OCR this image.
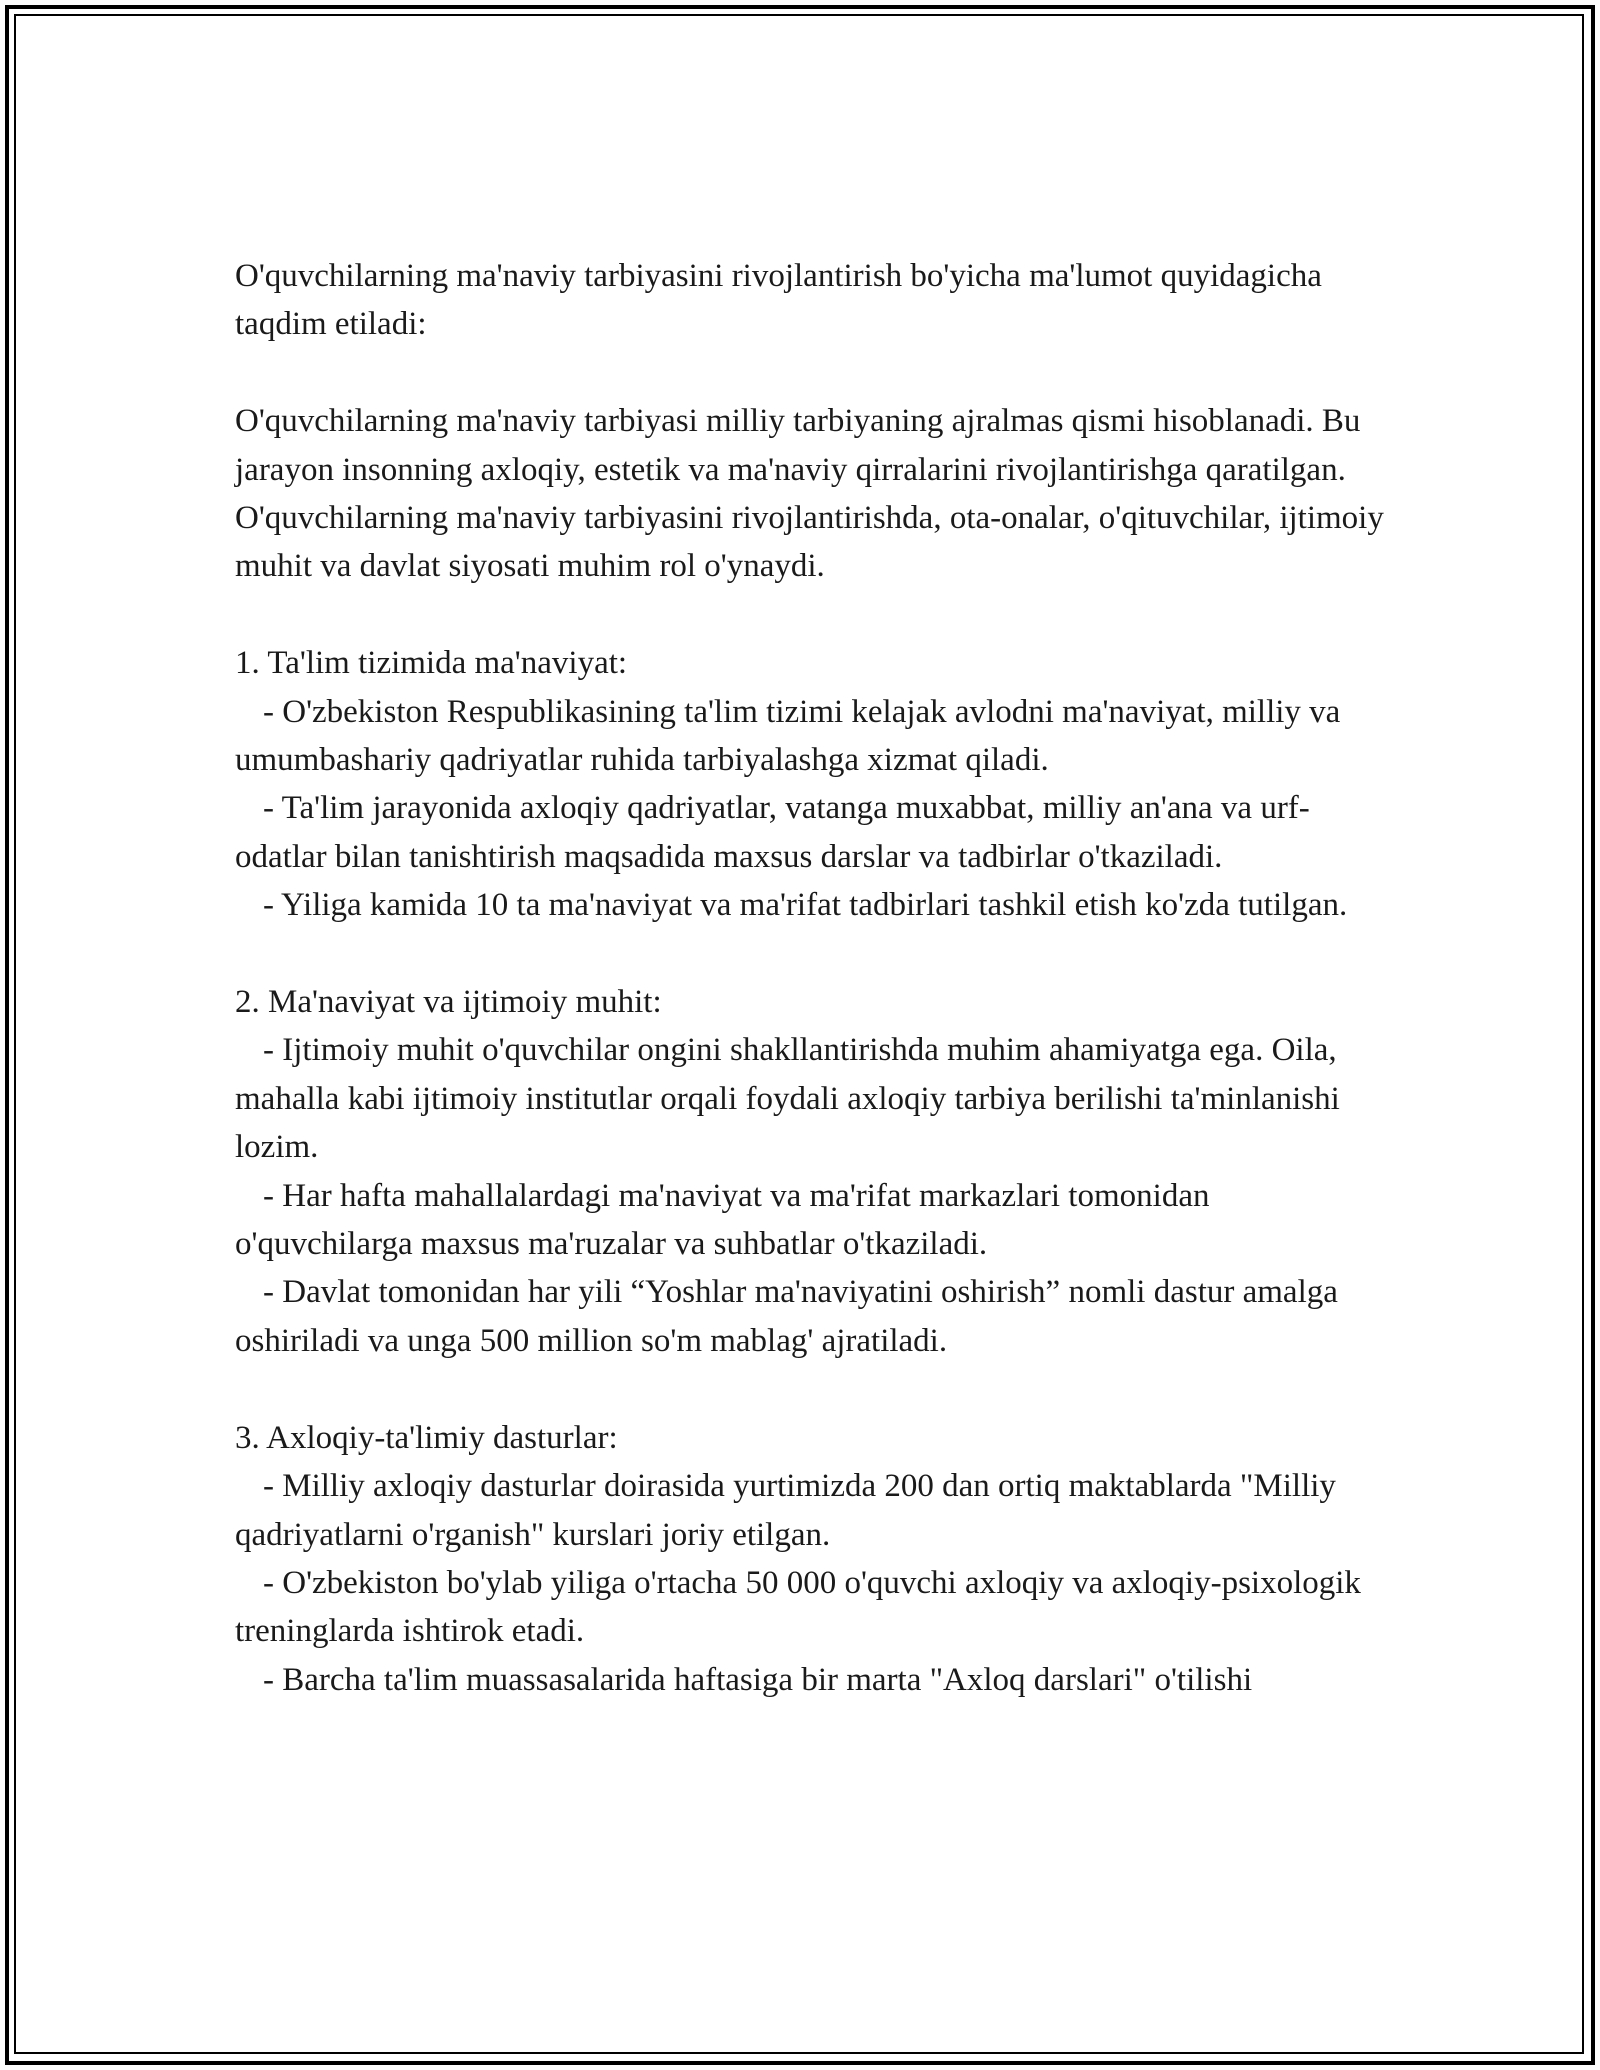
O'quvchilarning ma'naviy tarbiyasini rivojlantirish bo'yicha ma'lumot quyidagicha taqdim etiladi:

O'quvchilarning ma'naviy tarbiyasi milliy tarbiyaning ajralmas qismi hisoblanadi. Bu jarayon insonning axloqiy, estetik va ma'naviy qirralarini rivojlantirishga qaratilgan. O'quvchilarning ma'naviy tarbiyasini rivojlantirishda, ota-onalar, o'qituvchilar, ijtimoiy muhit va davlat siyosati muhim rol o'ynaydi.

1. Ta'lim tizimida ma'naviyat:

- O'zbekiston Respublikasining ta'lim tizimi kelajak avlodni ma'naviyat, milliy va umumbashariy qadriyatlar ruhida tarbiyalashga xizmat qiladi.

- Ta'lim jarayonida axloqiy qadriyatlar, vatanga muxabbat, milliy an'ana va urf-odatlar bilan tanishtirish maqsadida maxsus darslar va tadbirlar o'tkaziladi.

- Yiliga kamida 10 ta ma'naviyat va ma'rifat tadbirlari tashkil etish ko'zda tutilgan.

2. Ma'naviyat va ijtimoiy muhit:

- Ijtimoiy muhit o'quvchilar ongini shakllantirishda muhim ahamiyatga ega. Oila, mahalla kabi ijtimoiy institutlar orqali foydali axloqiy tarbiya berilishi ta'minlanishi lozim.

- Har hafta mahallalardagi ma'naviyat va ma'rifat markazlari tomonidan o'quvchilarga maxsus ma'ruzalar va suhbatlar o'tkaziladi.

- Davlat tomonidan har yili “Yoshlar ma'naviyatini oshirish” nomli dastur amalga oshiriladi va unga 500 million so'm mablag' ajratiladi.

3. Axloqiy-ta'limiy dasturlar:

- Milliy axloqiy dasturlar doirasida yurtimizda 200 dan ortiq maktablarda "Milliy qadriyatlarni o'rganish" kurslari joriy etilgan.

- O'zbekiston bo'ylab yiliga o'rtacha 50 000 o'quvchi axloqiy va axloqiy-psixologik treninglarda ishtirok etadi.

- Barcha ta'lim muassasalarida haftasiga bir marta "Axloq darslari" o'tilishi
